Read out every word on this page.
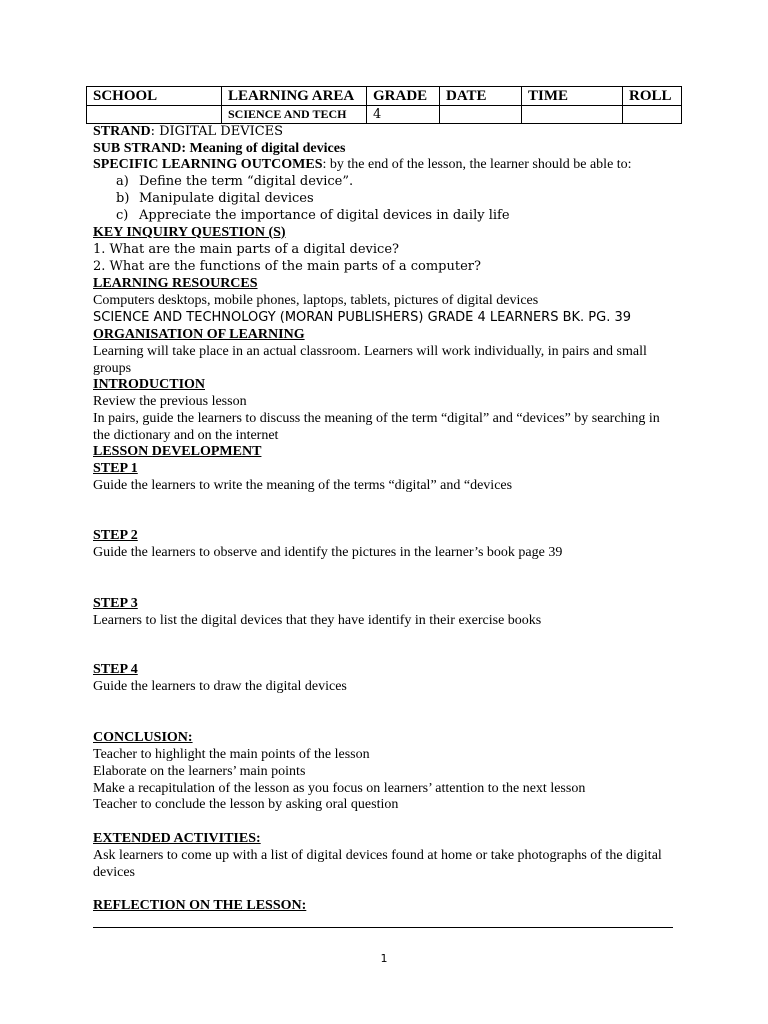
SCHOOL	LEARNING AREA	GRADE	DATE	TIME	ROLL
	SCIENCE AND TECH	4			
STRAND: DIGITAL DEVICES
SUB STRAND: Meaning of digital devices
SPECIFIC LEARNING OUTCOMES: by the end of the lesson, the learner should be able to:
a) Define the term “digital device”.
b) Manipulate digital devices
c) Appreciate the importance of digital devices in daily life
KEY INQUIRY QUESTION (S)
1. What are the main parts of a digital device?
2. What are the functions of the main parts of a computer?
LEARNING RESOURCES
Computers desktops, mobile phones, laptops, tablets, pictures of digital devices
SCIENCE AND TECHNOLOGY (MORAN PUBLISHERS) GRADE 4 LEARNERS BK. PG. 39
ORGANISATION OF LEARNING
Learning will take place in an actual classroom. Learners will work individually, in pairs and small groups
INTRODUCTION
Review the previous lesson
In pairs, guide the learners to discuss the meaning of the term “digital” and “devices” by searching in the dictionary and on the internet
LESSON DEVELOPMENT
STEP 1
Guide the learners to write the meaning of the terms “digital” and “devices
STEP 2
Guide the learners to observe and identify the pictures in the learner’s book page 39
STEP 3
Learners to list the digital devices that they have identify in their exercise books
STEP 4
Guide the learners to draw the digital devices
CONCLUSION:
Teacher to highlight the main points of the lesson
Elaborate on the learners’ main points
Make a recapitulation of the lesson as you focus on learners’ attention to the next lesson
Teacher to conclude the lesson by asking oral question
EXTENDED ACTIVITIES:
Ask learners to come up with a list of digital devices found at home or take photographs of the digital devices
REFLECTION ON THE LESSON:
1
